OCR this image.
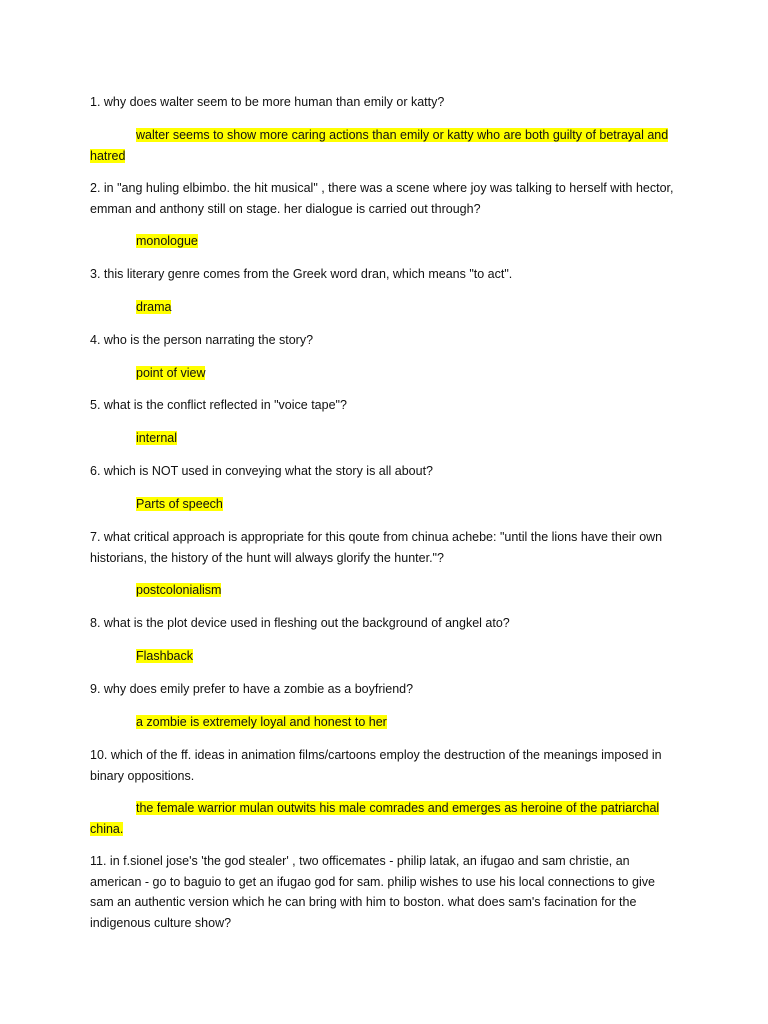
1. why does walter seem to be more human than emily or katty?

walter seems to show more caring actions than emily or katty who are both guilty of betrayal and hatred

2. in "ang huling elbimbo. the hit musical" , there was a scene where joy was talking to herself with hector, emman and anthony still on stage. her dialogue is carried out through?

monologue

3. this literary genre comes from the Greek word dran, which means "to act".

drama

4. who is the person narrating the story?

point of view

5. what is the conflict reflected in "voice tape"?

internal

6. which is NOT used in conveying what the story is all about?

Parts of speech

7. what critical approach is appropriate for this qoute from chinua achebe: "until the lions have their own historians, the history of the hunt will always glorify the hunter."?

postcolonialism

8. what is the plot device used in fleshing out the background of angkel ato?

Flashback

9. why does emily prefer to have a zombie as a boyfriend?

a zombie is extremely loyal and honest to her

10. which of the ff. ideas in animation films/cartoons employ the destruction of the meanings imposed in binary oppositions.

the female warrior mulan outwits his male comrades and emerges as heroine of the patriarchal china.

11. in f.sionel jose's 'the god stealer' , two officemates - philip latak, an ifugao and sam christie, an american - go to baguio to get an ifugao god for sam. philip wishes to use his local connections to give sam an authentic version which he can bring with him to boston. what does sam's facination for the indigenous culture show?
